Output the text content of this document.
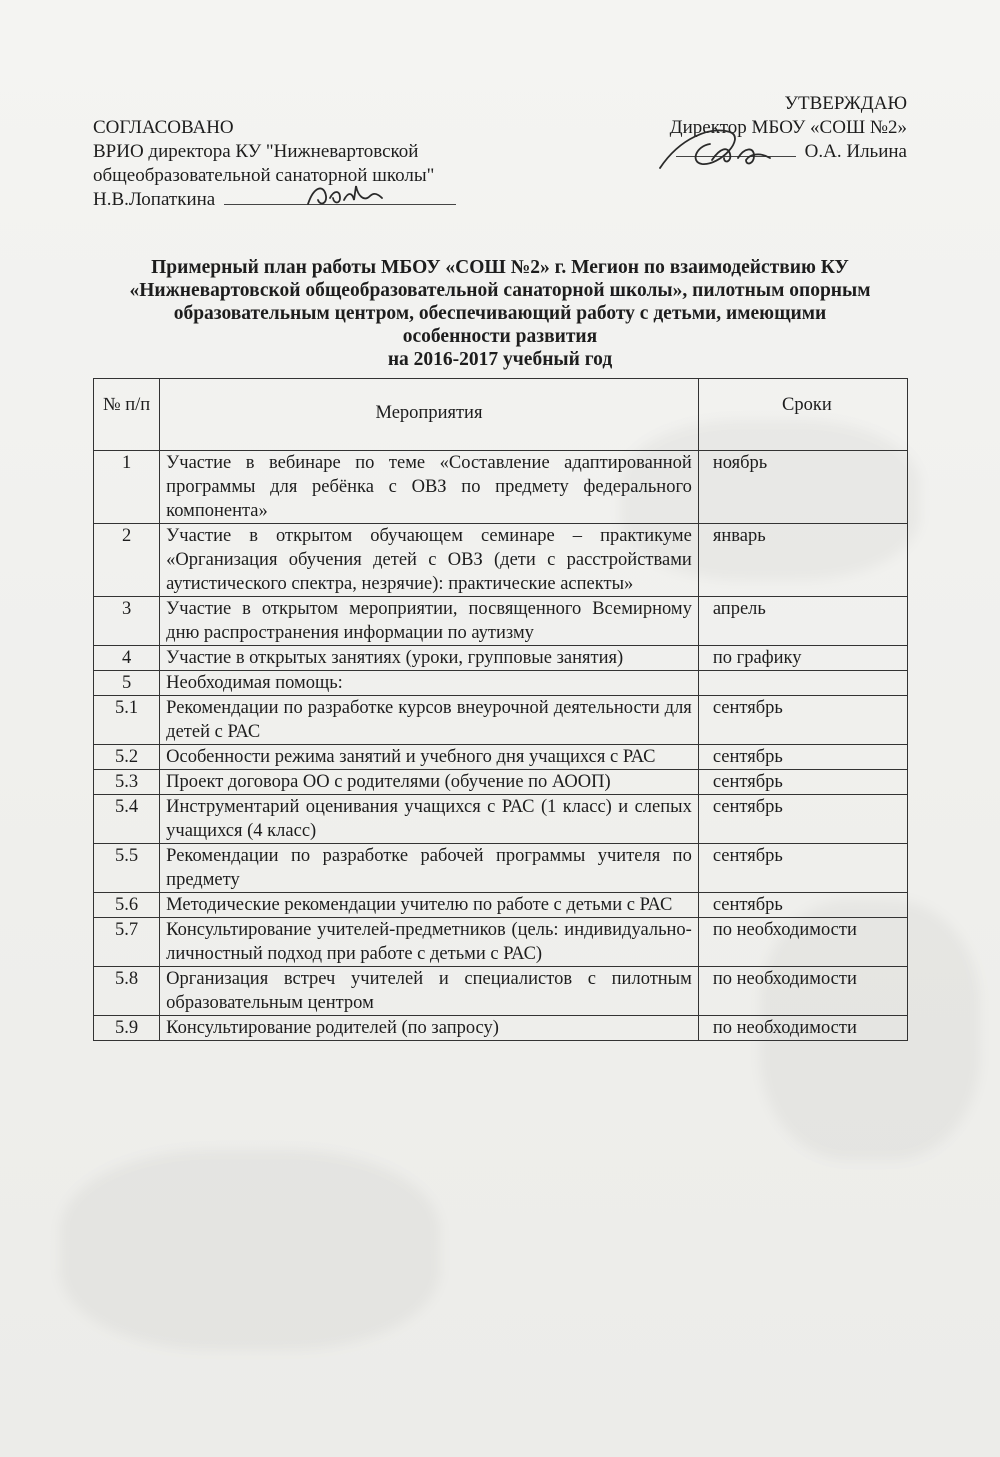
СОГЛАСОВАНО
ВРИО директора КУ "Нижневартовской
общеобразовательной санаторной школы"
Н.В.Лопаткина
УТВЕРЖДАЮ
Директор МБОУ «СОШ №2»
О.А. Ильина
Примерный план работы МБОУ «СОШ №2» г. Мегион по взаимодействию КУ
«Нижневартовской общеобразовательной санаторной школы», пилотным опорным
образовательным центром, обеспечивающий работу с детьми, имеющими
особенности развития
на 2016-2017 учебный год
№ п/п	Мероприятия	Сроки
1	Участие в вебинаре по теме «Составление адаптированной программы для ребёнка с ОВЗ по предмету федерального компонента»	ноябрь
2	Участие в открытом обучающем семинаре – практикуме «Организация обучения детей с ОВЗ (дети с расстройствами аутистического спектра, незрячие): практические аспекты»	январь
3	Участие в открытом мероприятии, посвященного Всемирному дню распространения информации по аутизму	апрель
4	Участие в открытых занятиях (уроки, групповые занятия)	по графику
5	Необходимая помощь:	
5.1	Рекомендации по разработке курсов внеурочной деятельности для детей с РАС	сентябрь
5.2	Особенности режима занятий и учебного дня учащихся с РАС	сентябрь
5.3	Проект договора ОО с родителями (обучение по АООП)	сентябрь
5.4	Инструментарий оценивания учащихся с РАС (1 класс) и слепых учащихся (4 класс)	сентябрь
5.5	Рекомендации по разработке рабочей программы учителя по предмету	сентябрь
5.6	Методические рекомендации учителю по работе с детьми с РАС	сентябрь
5.7	Консультирование учителей-предметников (цель: индивидуально-личностный подход при работе с детьми с РАС)	по необходимости
5.8	Организация встреч учителей и специалистов с пилотным образовательным центром	по необходимости
5.9	Консультирование родителей (по запросу)	по необходимости
